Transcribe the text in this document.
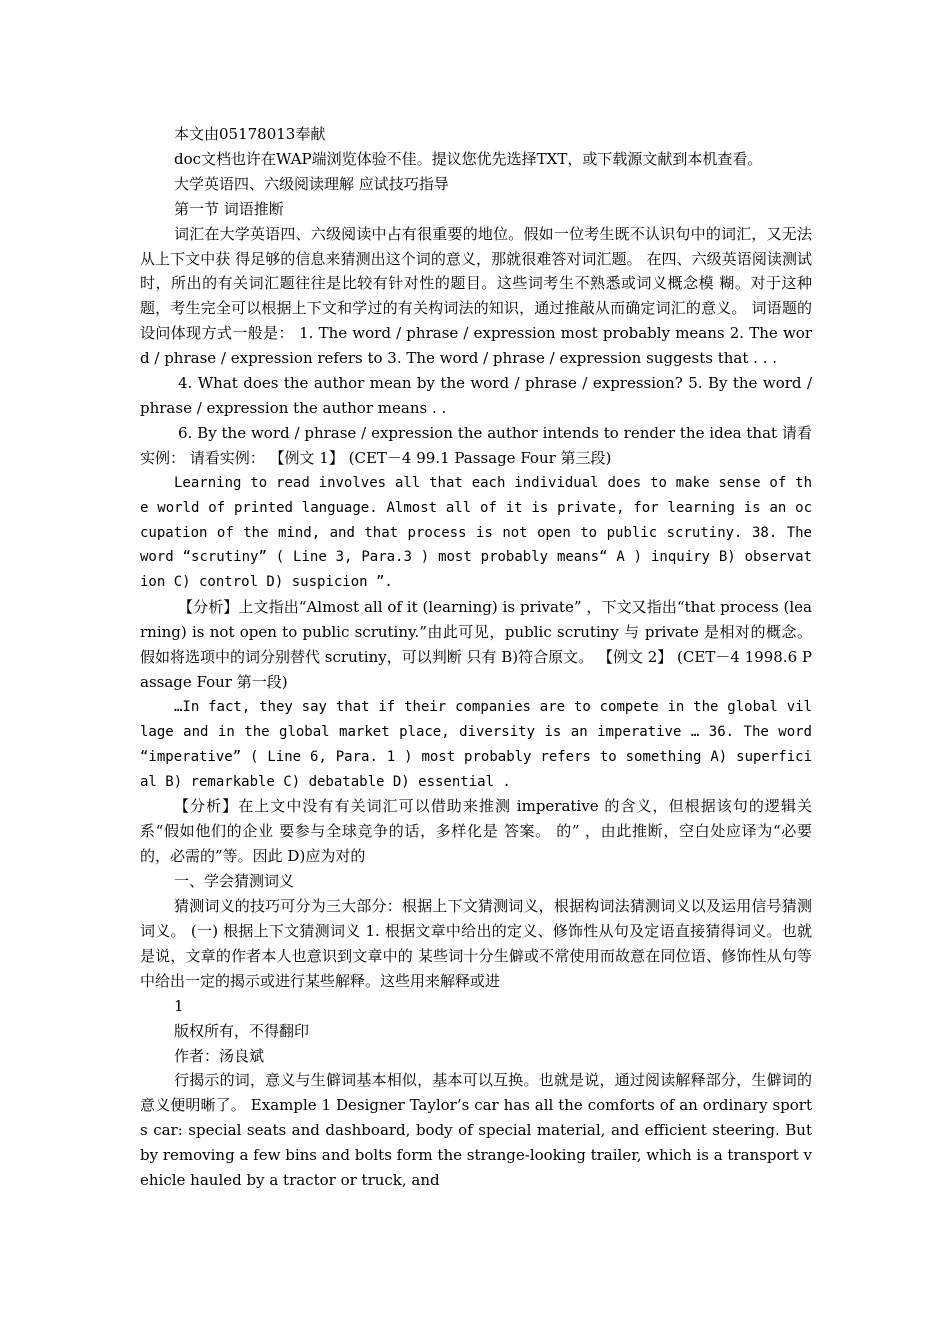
本文由05178013奉献

doc文档也许在WAP端浏览体验不佳。提议您优先选择TXT，或下载源文献到本机查看。

大学英语四、六级阅读理解 应试技巧指导

第一节 词语推断

词汇在大学英语四、六级阅读中占有很重要的地位。假如一位考生既不认识句中的词汇，又无法从上下文中获 得足够的信息来猜测出这个词的意义，那就很难答对词汇题。 在四、六级英语阅读测试时，所出的有关词汇题往往是比较有针对性的题目。这些词考生不熟悉或词义概念模 糊。对于这种题，考生完全可以根据上下文和学过的有关构词法的知识，通过推敲从而确定词汇的意义。 词语题的设问体现方式一般是： 1. The word / phrase / expression most probably means 2. The word / phrase / expression refers to 3. The word / phrase / expression suggests that . . .

4. What does the author mean by the word / phrase / expression? 5. By the word / phrase / expression the author means . .

6. By the word / phrase / expression the author intends to render the idea that 请看实例： 请看实例： 【例文 1】 (CET－4 99.1 Passage Four 第三段)

Learning to read involves all that each individual does to make sense of the world of printed language. Almost all of it is private, for learning is an occupation of the mind, and that process is not open to public scrutiny. 38. The word “scrutiny” ( Line 3, Para.3 ) most probably means“ A ) inquiry B) observation C) control D) suspicion ”.

【分析】上文指出“Almost all of it (learning) is private” ，下文又指出“that process (learning) is not open to public scrutiny.”由此可见，public scrutiny 与 private 是相对的概念。假如将选项中的词分别替代 scrutiny，可以判断 只有 B)符合原文。 【例文 2】 (CET－4 1998.6 Passage Four 第一段)

…In fact, they say that if their companies are to compete in the global village and in the global market place, diversity is an imperative … 36. The word “imperative” ( Line 6, Para. 1 ) most probably refers to something A) superficial B) remarkable C) debatable D) essential .

【分析】在上文中没有有关词汇可以借助来推测 imperative 的含义，但根据该句的逻辑关系“假如他们的企业 要参与全球竞争的话，多样化是 答案。 的” ，由此推断，空白处应译为“必要的，必需的”等。因此 D)应为对的

一、学会猜测词义

猜测词义的技巧可分为三大部分：根据上下文猜测词义，根据构词法猜测词义以及运用信号猜测词义。 (一) 根据上下文猜测词义 1. 根据文章中给出的定义、修饰性从句及定语直接猜得词义。也就是说，文章的作者本人也意识到文章中的 某些词十分生僻或不常使用而故意在同位语、修饰性从句等中给出一定的揭示或进行某些解释。这些用来解释或进

1

版权所有，不得翻印

作者：汤良斌

行揭示的词，意义与生僻词基本相似，基本可以互换。也就是说，通过阅读解释部分，生僻词的意义便明晰了。 Example 1 Designer Taylor’s car has all the comforts of an ordinary sports car: special seats and dashboard, body of special material, and efficient steering. But by removing a few bins and bolts form the strange-looking trailer, which is a transport vehicle hauled by a tractor or truck, and
